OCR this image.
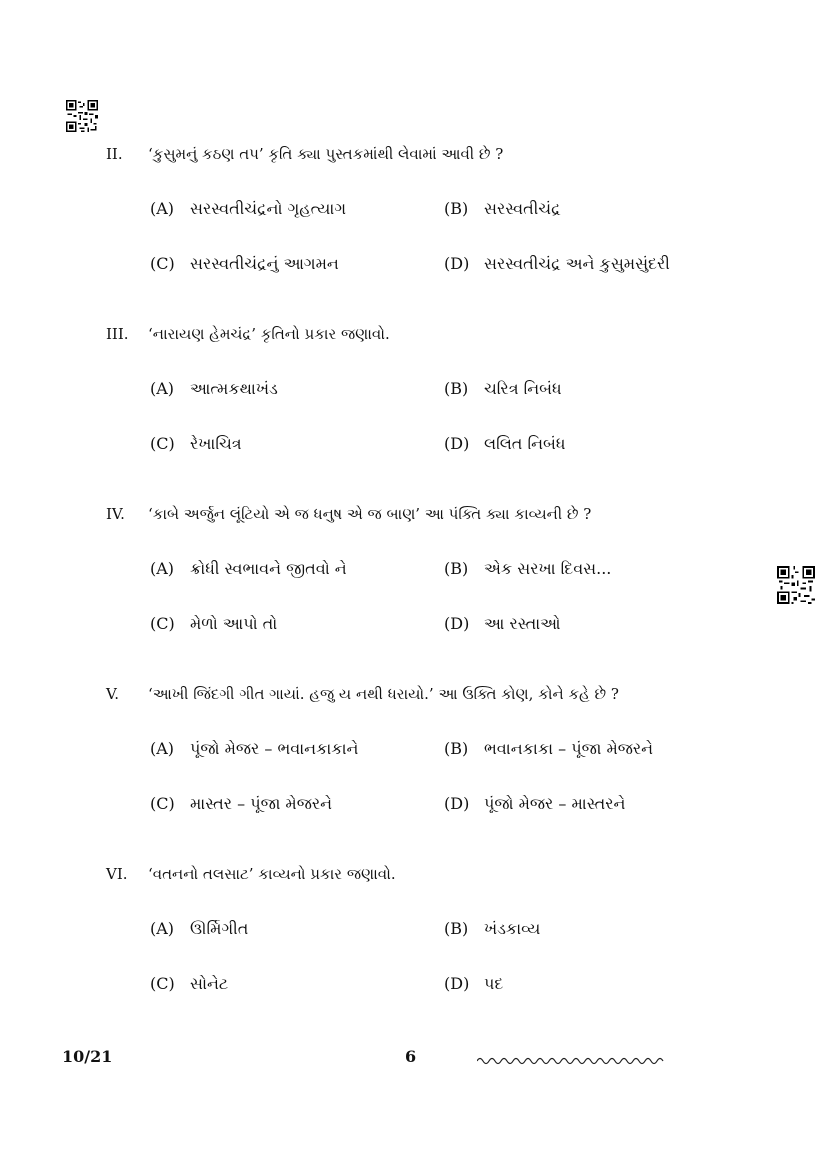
II.	‘કુસુમનું કઠણ તપ’ કૃતિ ક્યા પુસ્તકમાંથી લેવામાં આવી છે ?
(A) સરસ્વતીચંદ્રનો ગૃહત્યાગ	(B) સરસ્વતીચંદ્ર
(C) સરસ્વતીચંદ્રનું આગમન	(D) સરસ્વતીચંદ્ર અને કુસુમસુંદરી
III.	‘નારાયણ હેમચંદ્ર’ કૃતિનો પ્રકાર જણાવો.
(A) આત્મકથાખંડ	(B) ચરિત્ર નિબંધ
(C) રેખાચિત્ર	(D) લલિત નિબંધ
IV.	‘કાબે અર્જુન લૂંટિયો એ જ ધનુષ એ જ બાણ’ આ પંક્તિ ક્યા કાવ્યની છે ?
(A) ક્રોધી સ્વભાવને જીતવો ને	(B) એક સરખા દિવસ...
(C) મેળો આપો તો	(D) આ રસ્તાઓ
V.	‘આખી જિંદગી ગીત ગાયાં. હજુ ય નથી ધરાયો.’ આ ઉક્તિ કોણ, કોને કહે છે ?
(A) પૂંજો મેજર – ભવાનકાકાને	(B) ભવાનકાકા – પૂંજા મેજરને
(C) માસ્તર – પૂંજા મેજરને	(D) પૂંજો મેજર – માસ્તરને
VI.	‘વતનનો તલસાટ’ કાવ્યનો પ્રકાર જણાવો.
(A) ઊર્મિગીત	(B) ખંડકાવ્ય
(C) સોનેટ	(D) પદ
10/21	6
